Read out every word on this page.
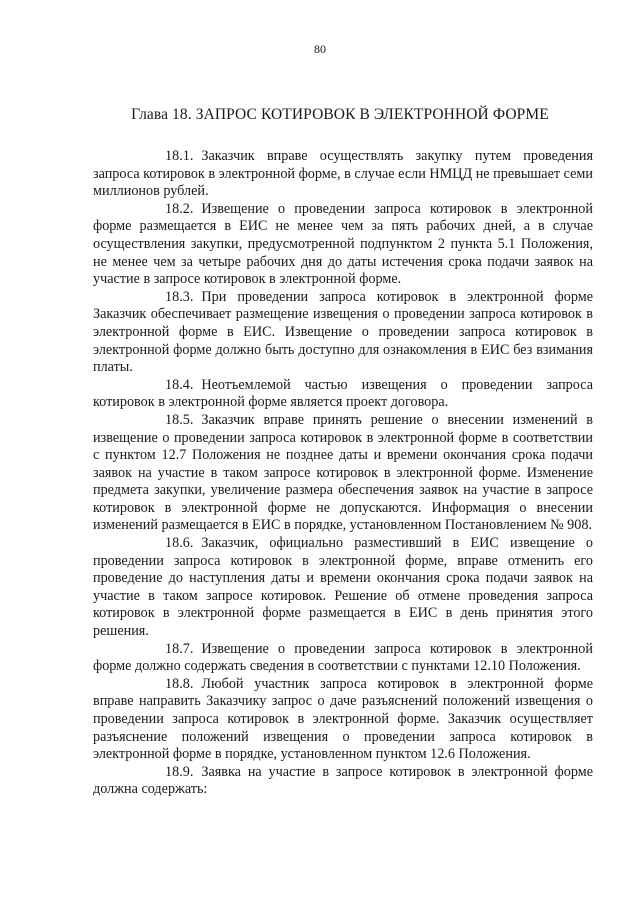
80
Глава 18. ЗАПРОС КОТИРОВОК В ЭЛЕКТРОННОЙ ФОРМЕ

18.1. Заказчик вправе осуществлять закупку путем проведения запроса котировок в электронной форме, в случае если НМЦД не превышает семи миллионов рублей.

18.2. Извещение о проведении запроса котировок в электронной форме размещается в ЕИС не менее чем за пять рабочих дней, а в случае осуществления закупки, предусмотренной подпунктом 2 пункта 5.1 Положения, не менее чем за четыре рабочих дня до даты истечения срока подачи заявок на участие в запросе котировок в электронной форме.

18.3. При проведении запроса котировок в электронной форме Заказчик обеспечивает размещение извещения о проведении запроса котировок в электронной форме в ЕИС. Извещение о проведении запроса котировок в электронной форме должно быть доступно для ознакомления в ЕИС без взимания платы.

18.4. Неотъемлемой частью извещения о проведении запроса котировок в электронной форме является проект договора.

18.5. Заказчик вправе принять решение о внесении изменений в извещение о проведении запроса котировок в электронной форме в соответствии с пунктом 12.7 Положения не позднее даты и времени окончания срока подачи заявок на участие в таком запросе котировок в электронной форме. Изменение предмета закупки, увеличение размера обеспечения заявок на участие в запросе котировок в электронной форме не допускаются. Информация о внесении изменений размещается в ЕИС в порядке, установленном Постановлением № 908.

18.6. Заказчик, официально разместивший в ЕИС извещение о проведении запроса котировок в электронной форме, вправе отменить его проведение до наступления даты и времени окончания срока подачи заявок на участие в таком запросе котировок. Решение об отмене проведения запроса котировок в электронной форме размещается в ЕИС в день принятия этого решения.

18.7. Извещение о проведении запроса котировок в электронной форме должно содержать сведения в соответствии с пунктами 12.10 Положения.

18.8. Любой участник запроса котировок в электронной форме вправе направить Заказчику запрос о даче разъяснений положений извещения о проведении запроса котировок в электронной форме. Заказчик осуществляет разъяснение положений извещения о проведении запроса котировок в электронной форме в порядке, установленном пунктом 12.6 Положения.

18.9. Заявка на участие в запросе котировок в электронной форме должна содержать:
